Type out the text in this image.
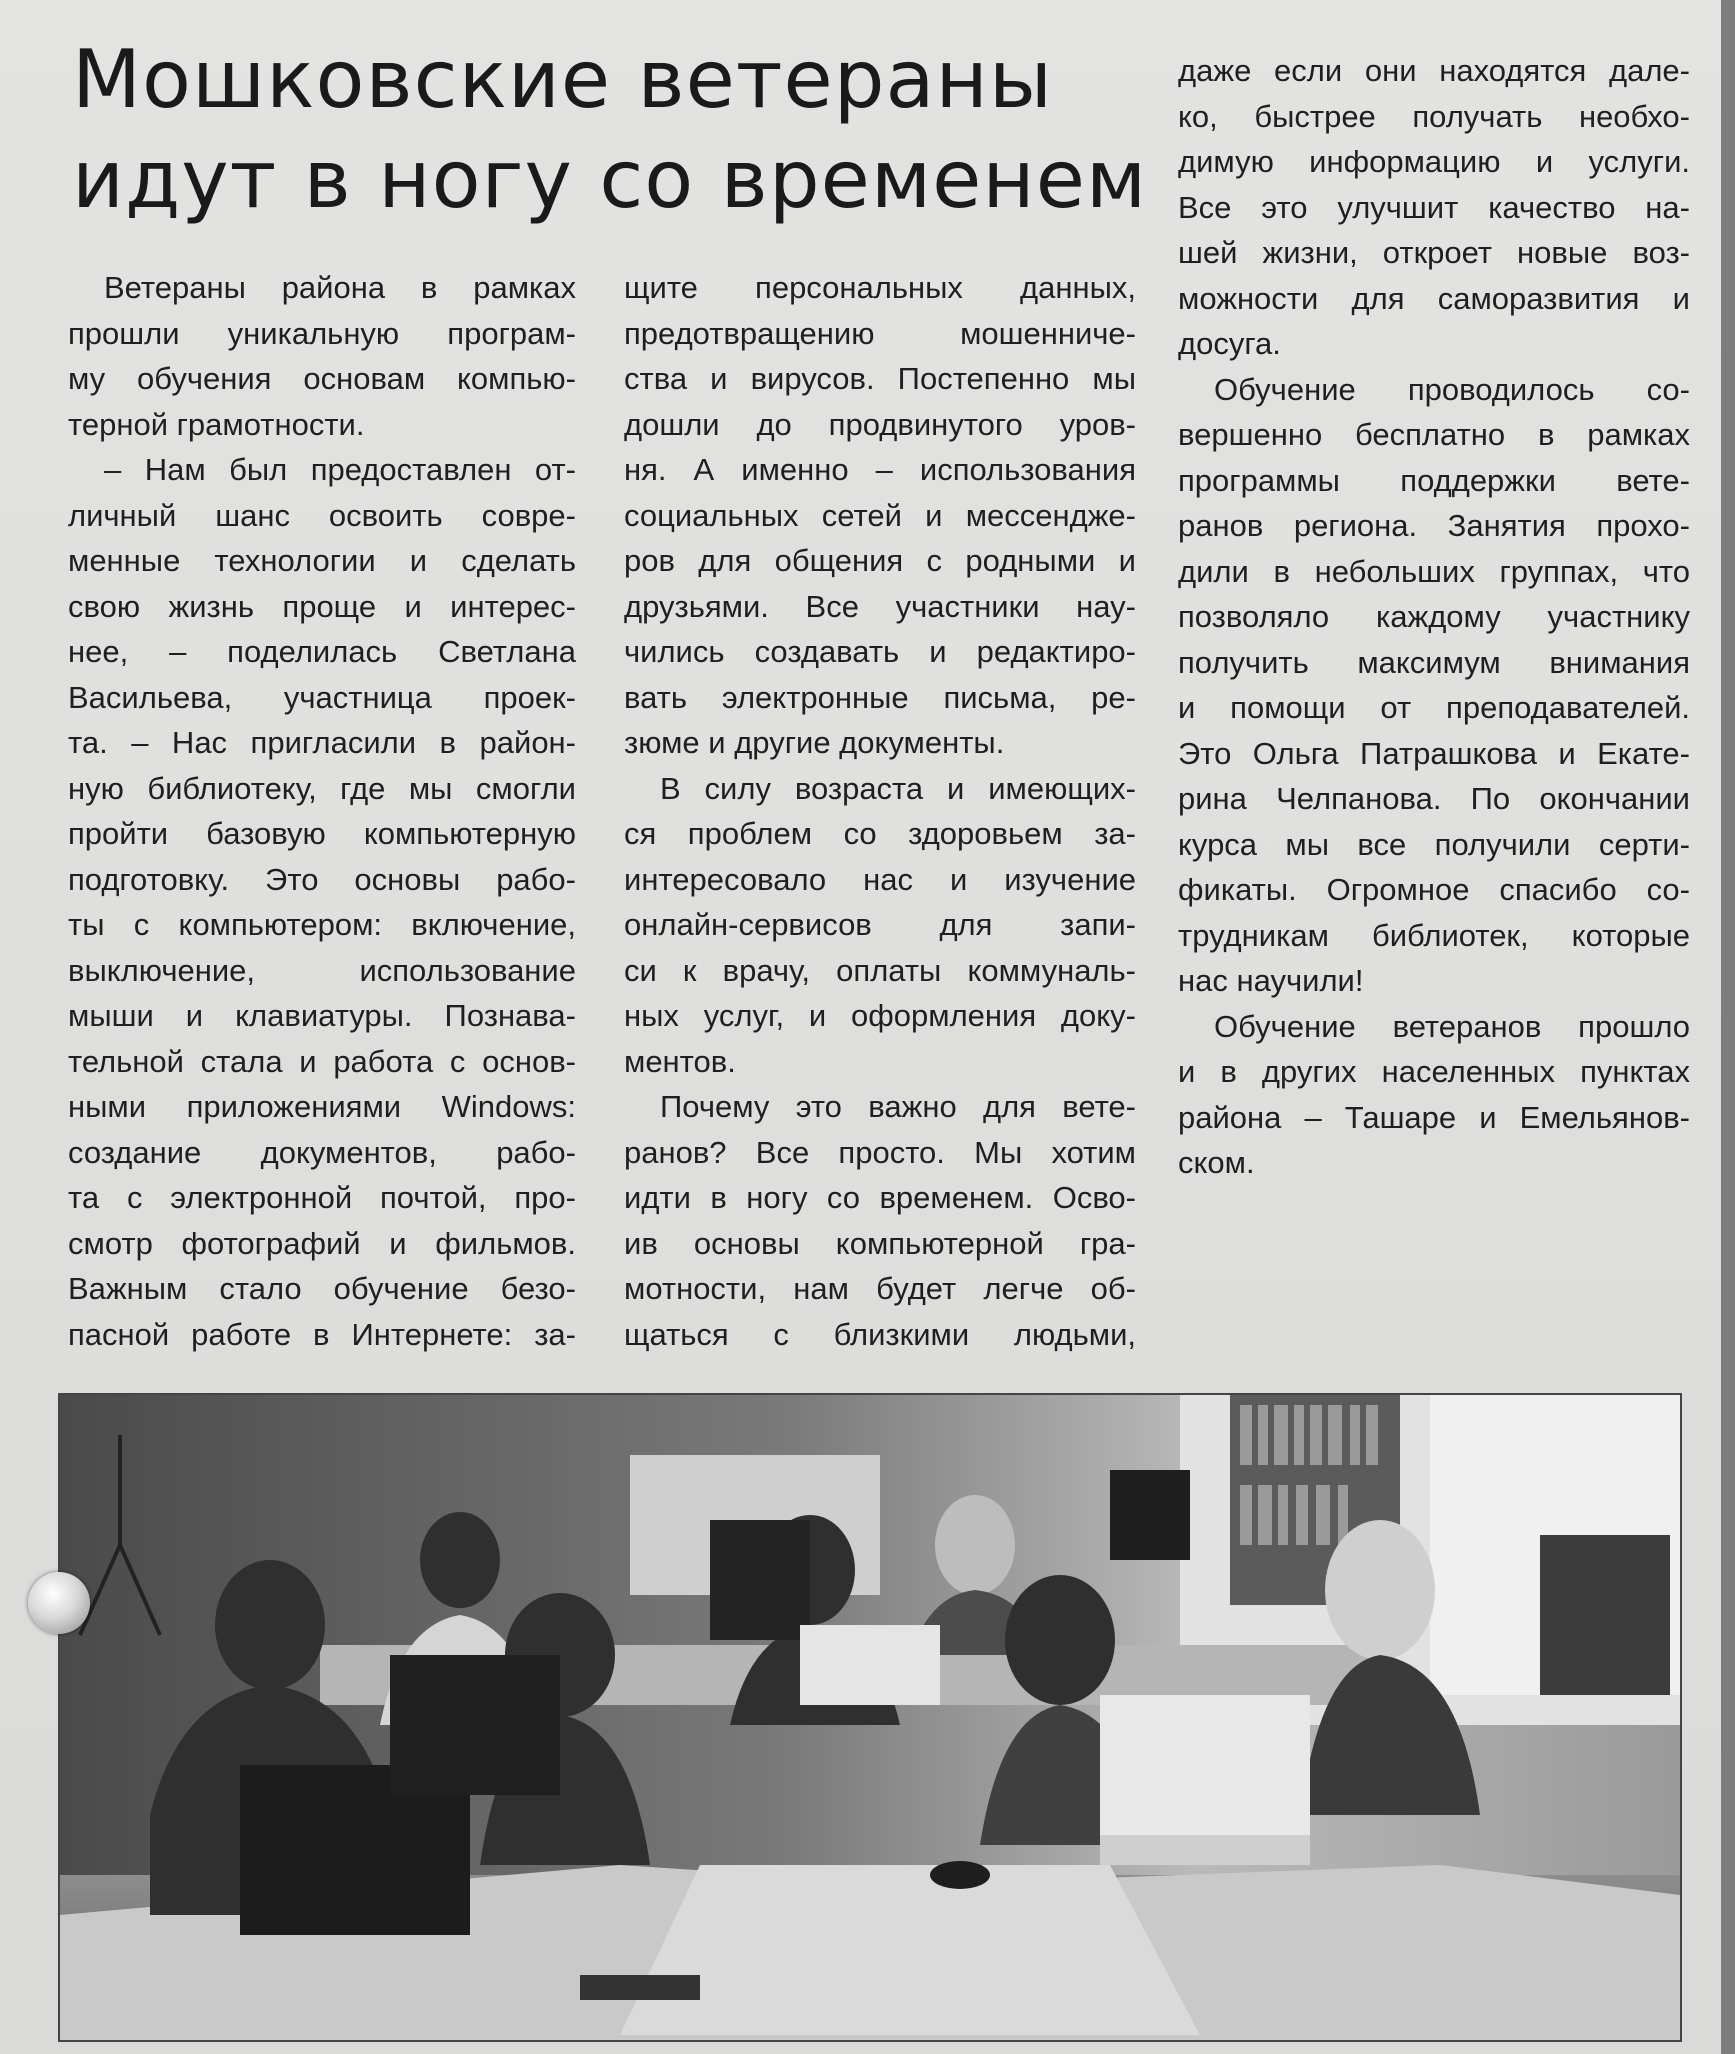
Мошковские ветераны
идут в ногу со временем
Ветераны района в рамках
прошли уникальную програм-
му обучения основам компью-
терной грамотности.
– Нам был предоставлен от-
личный шанс освоить совре-
менные технологии и сделать
свою жизнь проще и интерес-
нее, – поделилась Светлана
Васильева, участница проек-
та. – Нас пригласили в район-
ную библиотеку, где мы смогли
пройти базовую компьютерную
подготовку. Это основы рабо-
ты с компьютером: включение,
выключение, использование
мыши и клавиатуры. Познава-
тельной стала и работа с основ-
ными приложениями Windows:
создание документов, рабо-
та с электронной почтой, про-
смотр фотографий и фильмов.
Важным стало обучение безо-
пасной работе в Интернете: за-
щите персональных данных,
предотвращению мошенниче-
ства и вирусов. Постепенно мы
дошли до продвинутого уров-
ня. А именно – использования
социальных сетей и мессендже-
ров для общения с родными и
друзьями. Все участники нау-
чились создавать и редактиро-
вать электронные письма, ре-
зюме и другие документы.
В силу возраста и имеющих-
ся проблем со здоровьем за-
интересовало нас и изучение
онлайн-сервисов для запи-
си к врачу, оплаты коммуналь-
ных услуг, и оформления доку-
ментов.
Почему это важно для вете-
ранов? Все просто. Мы хотим
идти в ногу со временем. Осво-
ив основы компьютерной гра-
мотности, нам будет легче об-
щаться с близкими людьми,
даже если они находятся дале-
ко, быстрее получать необхо-
димую информацию и услуги.
Все это улучшит качество на-
шей жизни, откроет новые воз-
можности для саморазвития и
досуга.
Обучение проводилось со-
вершенно бесплатно в рамках
программы поддержки вете-
ранов региона. Занятия прохо-
дили в небольших группах, что
позволяло каждому участнику
получить максимум внимания
и помощи от преподавателей.
Это Ольга Патрашкова и Екате-
рина Челпанова. По окончании
курса мы все получили серти-
фикаты. Огромное спасибо со-
трудникам библиотек, которые
нас научили!
Обучение ветеранов прошло
и в других населенных пунктах
района – Ташаре и Емельянов-
ском.
